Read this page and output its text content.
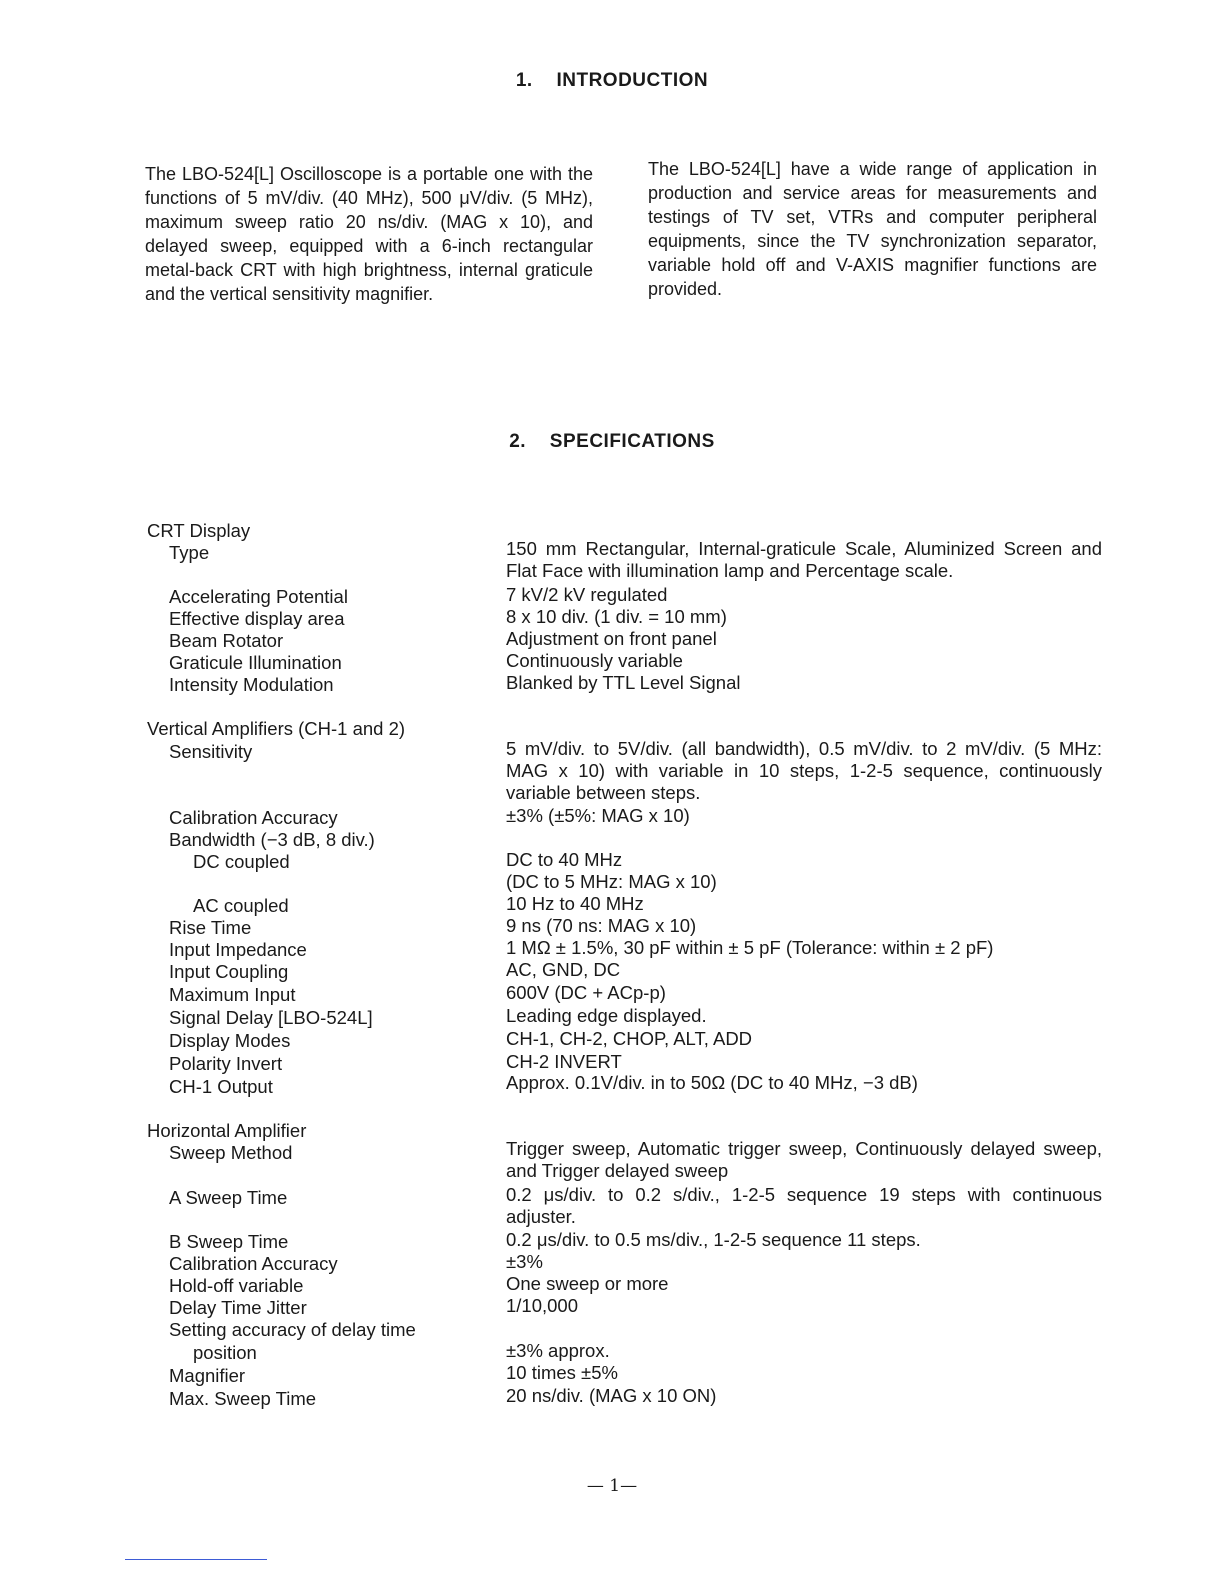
1. INTRODUCTION
The LBO-524[L] Oscilloscope is a portable one with the functions of 5 mV/div. (40 MHz), 500 μV/div. (5 MHz), maximum sweep ratio 20 ns/div. (MAG x 10), and delayed sweep, equipped with a 6-inch rectangular metal-back CRT with high brightness, internal graticule and the vertical sensitivity magnifier.
The LBO-524[L] have a wide range of application in production and service areas for measurements and testings of TV set, VTRs and computer peripheral equipments, since the TV synchronization separator, variable hold off and V-AXIS magnifier functions are provided.
2. SPECIFICATIONS
CRT Display
Type	150 mm Rectangular, Internal-graticule Scale, Aluminized Screen and Flat Face with illumination lamp and Percentage scale.
Accelerating Potential	7 kV/2 kV regulated
Effective display area	8 x 10 div. (1 div. = 10 mm)
Beam Rotator	Adjustment on front panel
Graticule Illumination	Continuously variable
Intensity Modulation	Blanked by TTL Level Signal
Vertical Amplifiers (CH-1 and 2)
Sensitivity	5 mV/div. to 5V/div. (all bandwidth), 0.5 mV/div. to 2 mV/div. (5 MHz: MAG x 10) with variable in 10 steps, 1-2-5 sequence, continuously variable between steps.
Calibration Accuracy	±3% (±5%: MAG x 10)
Bandwidth (−3 dB, 8 div.)
DC coupled	DC to 40 MHz
(DC to 5 MHz: MAG x 10)
AC coupled	10 Hz to 40 MHz
Rise Time	9 ns (70 ns: MAG x 10)
Input Impedance	1 MΩ ± 1.5%, 30 pF within ± 5 pF (Tolerance: within ± 2 pF)
Input Coupling	AC, GND, DC
Maximum Input	600V (DC + ACp-p)
Signal Delay [LBO-524L]	Leading edge displayed.
Display Modes	CH-1, CH-2, CHOP, ALT, ADD
Polarity Invert	CH-2 INVERT
CH-1 Output	Approx. 0.1V/div. in to 50Ω (DC to 40 MHz, −3 dB)
Horizontal Amplifier
Sweep Method	Trigger sweep, Automatic trigger sweep, Continuously delayed sweep, and Trigger delayed sweep
A Sweep Time	0.2 μs/div. to 0.2 s/div., 1-2-5 sequence 19 steps with continuous adjuster.
B Sweep Time	0.2 μs/div. to 0.5 ms/div., 1-2-5 sequence 11 steps.
Calibration Accuracy	±3%
Hold-off variable	One sweep or more
Delay Time Jitter	1/10,000
Setting accuracy of delay time
position	±3% approx.
Magnifier	10 times ±5%
Max. Sweep Time	20 ns/div. (MAG x 10 ON)
— 1—
